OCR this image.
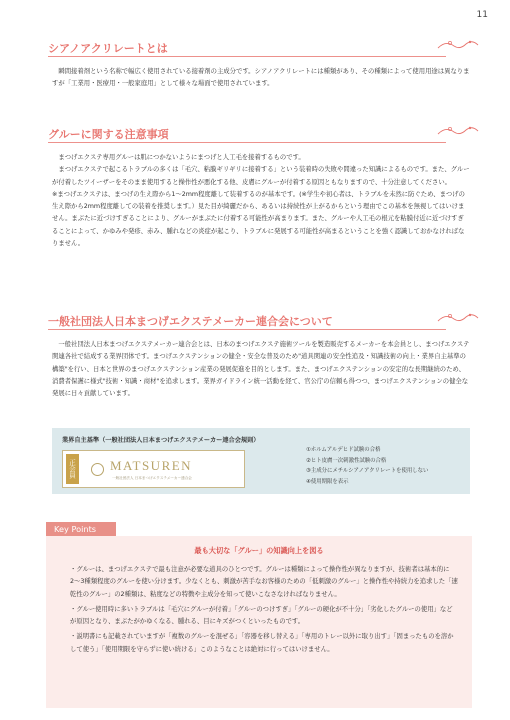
11
シアノアクリレートとは

瞬間接着剤という名称で幅広く使用されている接着剤の主成分です。シアノアクリレートには種類があり、その種類によって使用用途は異なりますが「工業用・医療用・一般家庭用」として様々な場面で使用されています。

グルーに関する注意事項

まつげエクステ専用グルーは肌につかないようにまつげと人工毛を接着するものです。

まつげエクステで起こるトラブルの多くは「毛穴、粘膜ギリギリに接着する」という装着時の失敗や間違った知識によるものです。また、グルーが付着したツイーザーをそのまま使用すると操作性が悪化する他、皮膚にグルーが付着する原因ともなりますので、十分注意してください。

※まつげエクステは、まつげの生え際から1〜2mm程度離して装着するのが基本です。(※学生や初心者は、トラブルを未然に防ぐため、まつげの生え際から2mm程度離しての装着を推奨します。）見た目が綺麗だから、あるいは持続性が上がるからという理由でこの基本を無視してはいけません。まぶたに近づけすぎることにより、グルーがまぶたに付着する可能性が高まります。また、グルーや人工毛の根元を粘膜付近に近づけすぎることによって、かゆみや発疹、赤み、腫れなどの炎症が起こり、トラブルに発展する可能性が高まるということを強く認識しておかなければなりません。

一般社団法人日本まつげエクステメーカー連合会について

一般社団法人日本まつげエクステメーカー連合会とは、日本のまつげエクステ施術ツールを製造販売するメーカーを本会員とし、まつげエクステ関連各社で結成する業界団体です。まつげエクステンションの健全・安全な普及のため"道具関連の安全性追及・知識技術の向上・業界自主基準の構築"を行い、日本と世界のまつげエクステンション産業の発展促進を目的とします。また、まつげエクステンションの安定的な長期継続のため、消費者保護に様式"技術・知識・商材"を追求します。業界ガイドライン統一活動を経て、官公庁の信頼も得つつ、まつげエクステンションの健全な発展に日々貢献しています。

業界自主基準（一般社団法人日本まつげエクステメーカー連合会規則）
正会員	MATSUREN
一般社団法人 日本まつげエクステメーカー連合会
①ホルムアルデヒド試験の合格
②ヒト皮膚一次刺激性試験の合格
③主成分にメチルシアノアクリレートを使用しない
④使用期限を表示
Key Points
最も大切な「グルー」の知識向上を図る

・グルーは、まつげエクステで最も注意が必要な道具のひとつです。グルーは種類によって操作性が異なりますが、技術者は基本的に2〜3種類程度のグルーを使い分けます。少なくとも、刺激が苦手なお客様のための「低刺激のグルー」と操作性や持続力を追求した「速乾性のグルー」の2種類は、粘度などの特徴や主成分を知って使いこなさなければなりません。

・グルー使用時に多いトラブルは「毛穴にグルーが付着」「グルーのつけすぎ」「グルーの硬化が不十分」「劣化したグルーの使用」などが原因となり、まぶたがかゆくなる、腫れる、目にキズがつくといったものです。

・説明書にも記載されていますが「複数のグルーを混ぜる」「容器を移し替える」「専用のトレー以外に取り出す」「固まったものを溶かして使う」「使用期限を守らずに使い続ける」このようなことは絶対に行ってはいけません。
